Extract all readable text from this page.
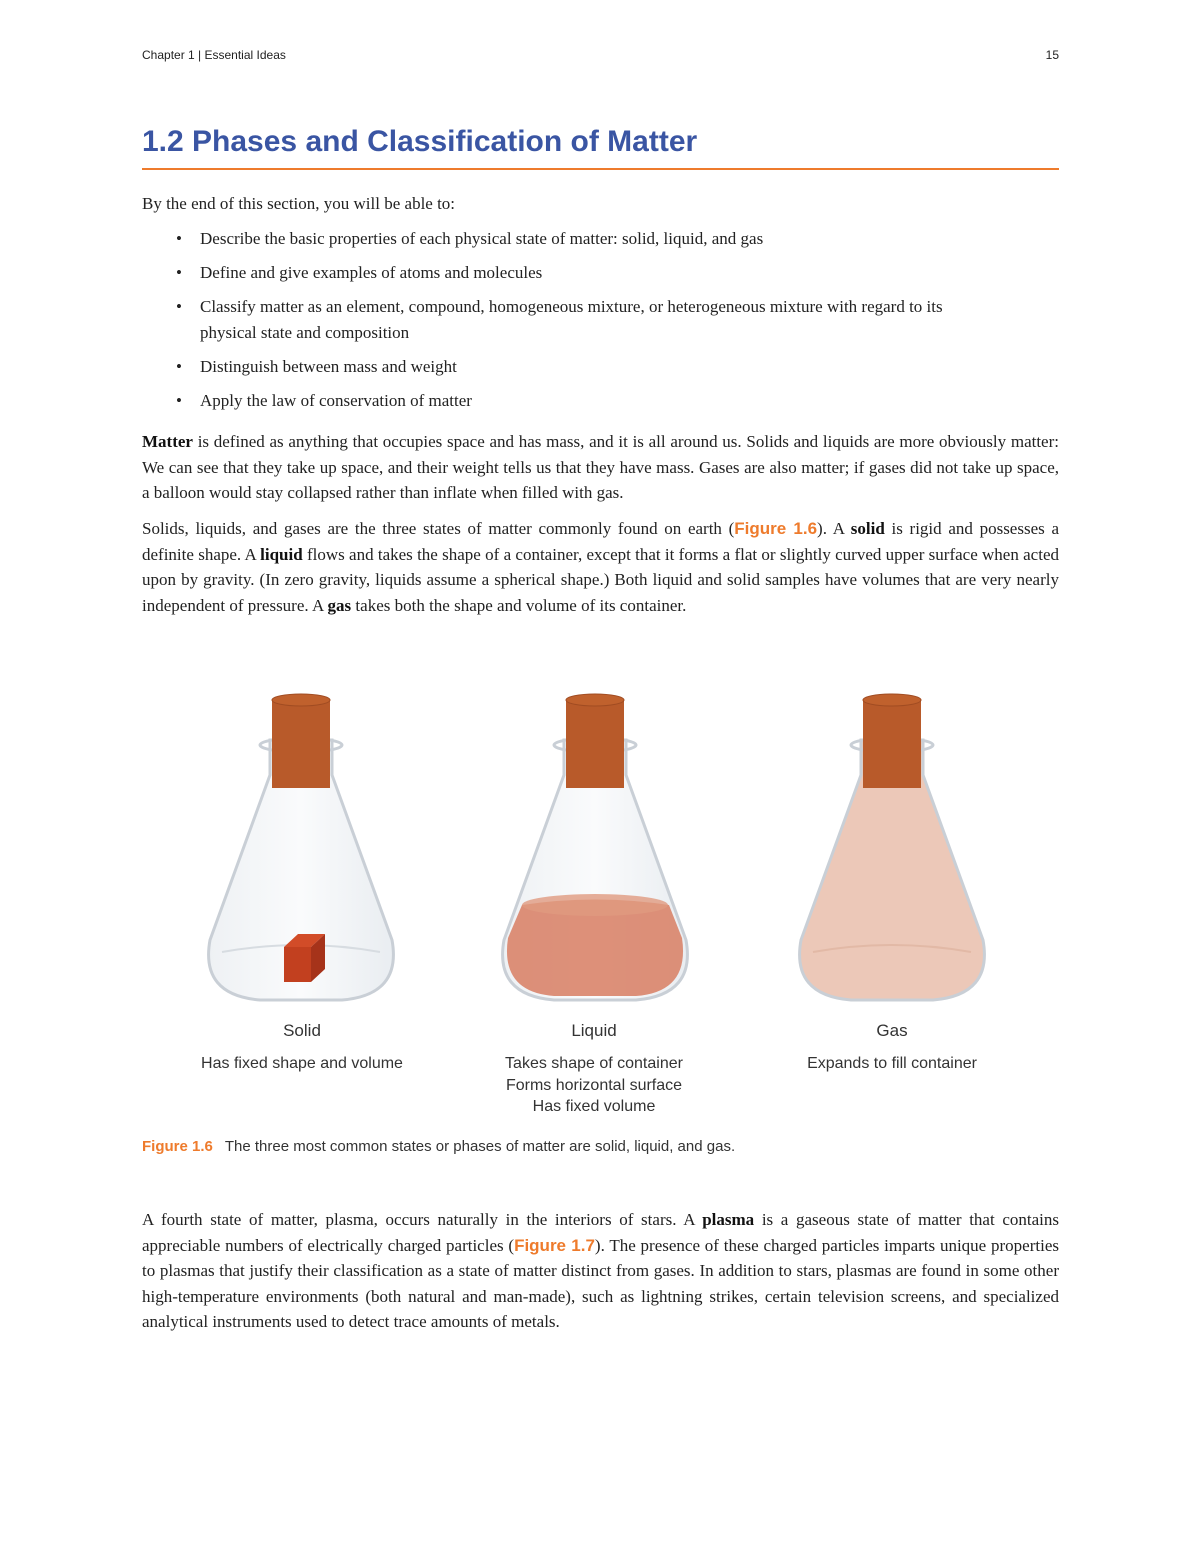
Chapter 1 | Essential Ideas	15
1.2 Phases and Classification of Matter

By the end of this section, you will be able to:

• Describe the basic properties of each physical state of matter: solid, liquid, and gas
• Define and give examples of atoms and molecules
• Classify matter as an element, compound, homogeneous mixture, or heterogeneous mixture with regard to its physical state and composition
• Distinguish between mass and weight
• Apply the law of conservation of matter

Matter is defined as anything that occupies space and has mass, and it is all around us. Solids and liquids are more obviously matter: We can see that they take up space, and their weight tells us that they have mass. Gases are also matter; if gases did not take up space, a balloon would stay collapsed rather than inflate when filled with gas.

Solids, liquids, and gases are the three states of matter commonly found on earth (Figure 1.6). A solid is rigid and possesses a definite shape. A liquid flows and takes the shape of a container, except that it forms a flat or slightly curved upper surface when acted upon by gravity. (In zero gravity, liquids assume a spherical shape.) Both liquid and solid samples have volumes that are very nearly independent of pressure. A gas takes both the shape and volume of its container.

Solid
Has fixed shape and volume
Liquid
Takes shape of container
Forms horizontal surface
Has fixed volume
Gas
Expands to fill container
Figure 1.6 The three most common states or phases of matter are solid, liquid, and gas.

A fourth state of matter, plasma, occurs naturally in the interiors of stars. A plasma is a gaseous state of matter that contains appreciable numbers of electrically charged particles (Figure 1.7). The presence of these charged particles imparts unique properties to plasmas that justify their classification as a state of matter distinct from gases. In addition to stars, plasmas are found in some other high-temperature environments (both natural and man-made), such as lightning strikes, certain television screens, and specialized analytical instruments used to detect trace amounts of metals.
